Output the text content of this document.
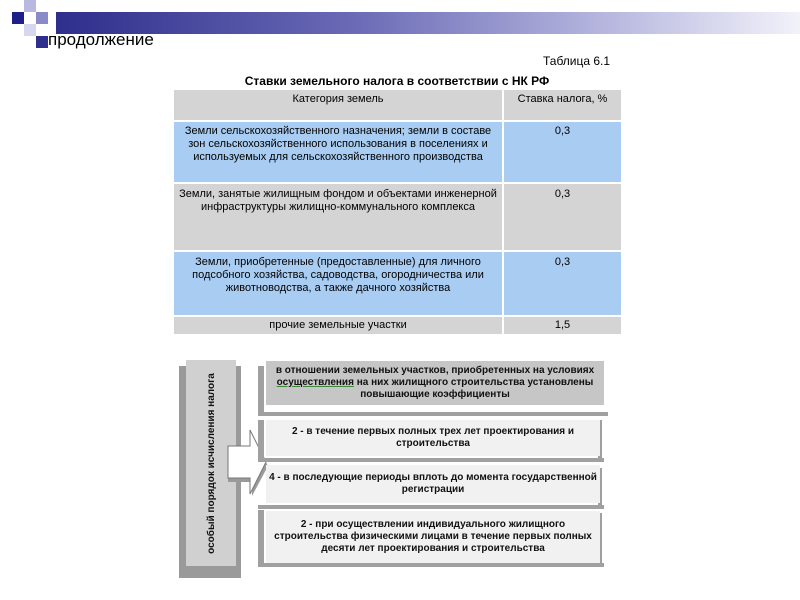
продолжение
Таблица 6.1
Ставки земельного налога в соответствии с НК РФ
Категория земель	Ставка налога, %
Земли сельскохозяйственного назначения; земли в составе зон сельскохозяйственного использования в поселениях и используемых для сельскохозяйственного производства	0,3
Земли, занятые жилищным фондом и объектами инженерной инфраструктуры жилищно-коммунального комплекса	0,3
Земли, приобретенные (предоставленные) для личного подсобного хозяйства, садоводства, огородничества или животноводства, а также дачного хозяйства	0,3
прочие земельные участки	1,5
особый порядок исчисления налога
в отношении земельных участков, приобретенных на условиях осуществления на них жилищного строительства установлены повышающие коэффициенты
2 - в течение первых полных трех лет проектирования и строительства
4 - в последующие периоды вплоть до момента государственной регистрации
2 - при осуществлении индивидуального жилищного строительства физическими лицами в течение первых полных десяти лет проектирования и строительства
